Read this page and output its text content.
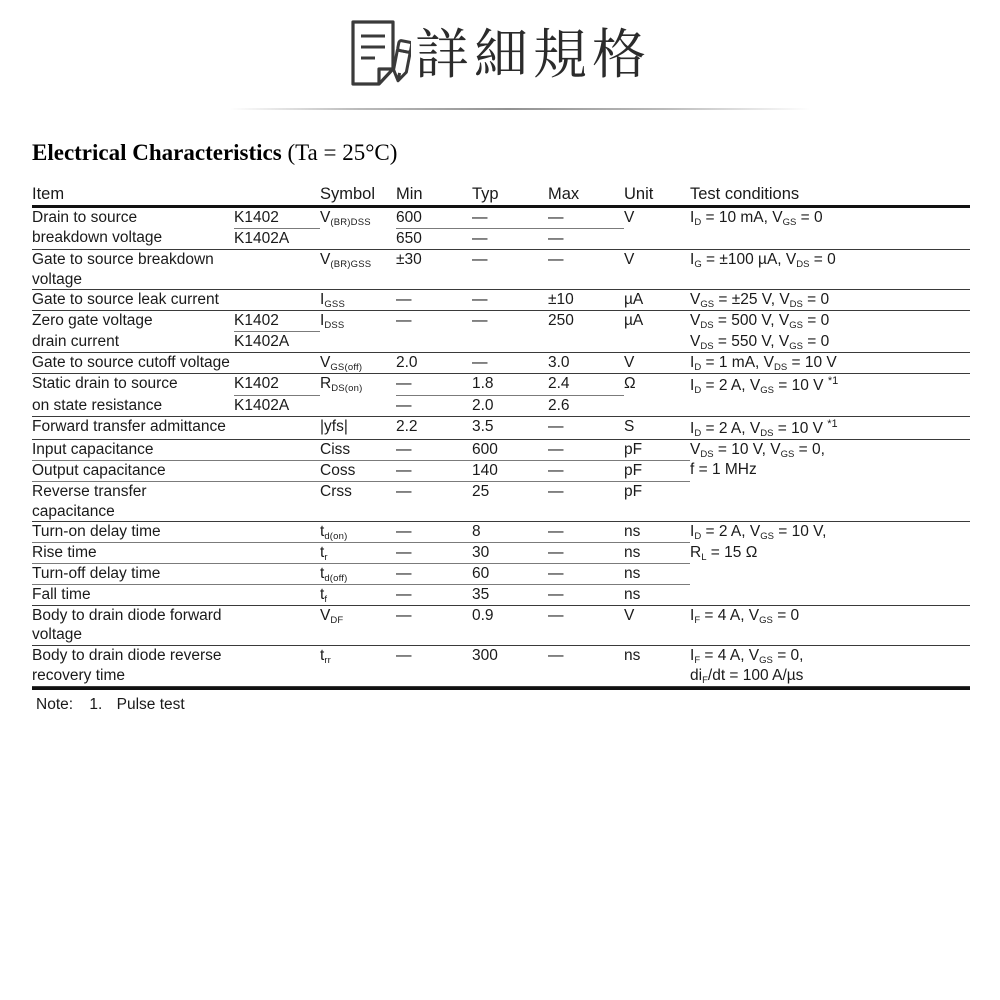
詳細規格
Electrical Characteristics (Ta = 25°C)
Item		Symbol	Min	Typ	Max	Unit	Test conditions
Drain to source	K1402	$V_{(BR)DSS}$	600	—	—	V	$I_D = 10$ mA, $V_{GS} = 0$
breakdown voltage	K1402A		650	—	—		
Gate to source breakdown voltage		$V_{(BR)GSS}$	±30	—	—	V	$I_G = \pm 100$ µA, $V_{DS} = 0$
Gate to source leak current		$I_{GSS}$	—	—	±10	µA	$V_{GS} = \pm 25$ V, $V_{DS} = 0$
Zero gate voltage	K1402	$I_{DSS}$	—	—	250	µA	$V_{DS} = 500$ V, $V_{GS} = 0$
drain current	K1402A						$V_{DS} = 550$ V, $V_{GS} = 0$
Gate to source cutoff voltage		$V_{GS(off)}$	2.0	—	3.0	V	$I_D = 1$ mA, $V_{DS} = 10$ V
Static drain to source	K1402	$R_{DS(on)}$	—	1.8	2.4	Ω	$I_D = 2$ A, $V_{GS} = 10$ V $^{*1}$
on state resistance	K1402A		—	2.0	2.6		
Forward transfer admittance		|yfs|	2.2	3.5	—	S	$I_D = 2$ A, $V_{DS} = 10$ V $^{*1}$
Input capacitance		Ciss	—	600	—	pF	$V_{DS} = 10$ V, $V_{GS} = 0$,
Output capacitance		Coss	—	140	—	pF	f = 1 MHz
Reverse transfer capacitance		Crss	—	25	—	pF	
Turn-on delay time		$t_{d(on)}$	—	8	—	ns	$I_D = 2$ A, $V_{GS} = 10$ V,
Rise time		$t_r$	—	30	—	ns	$R_L = 15$ Ω
Turn-off delay time		$t_{d(off)}$	—	60	—	ns	
Fall time		$t_f$	—	35	—	ns	
Body to drain diode forward voltage		$V_{DF}$	—	0.9	—	V	$I_F = 4$ A, $V_{GS} = 0$
Body to drain diode reverse recovery time		$t_{rr}$	—	300	—	ns	$I_F = 4$ A, $V_{GS} = 0$,
$di_F/dt = 100$ A/µs
Note: 1. Pulse test
